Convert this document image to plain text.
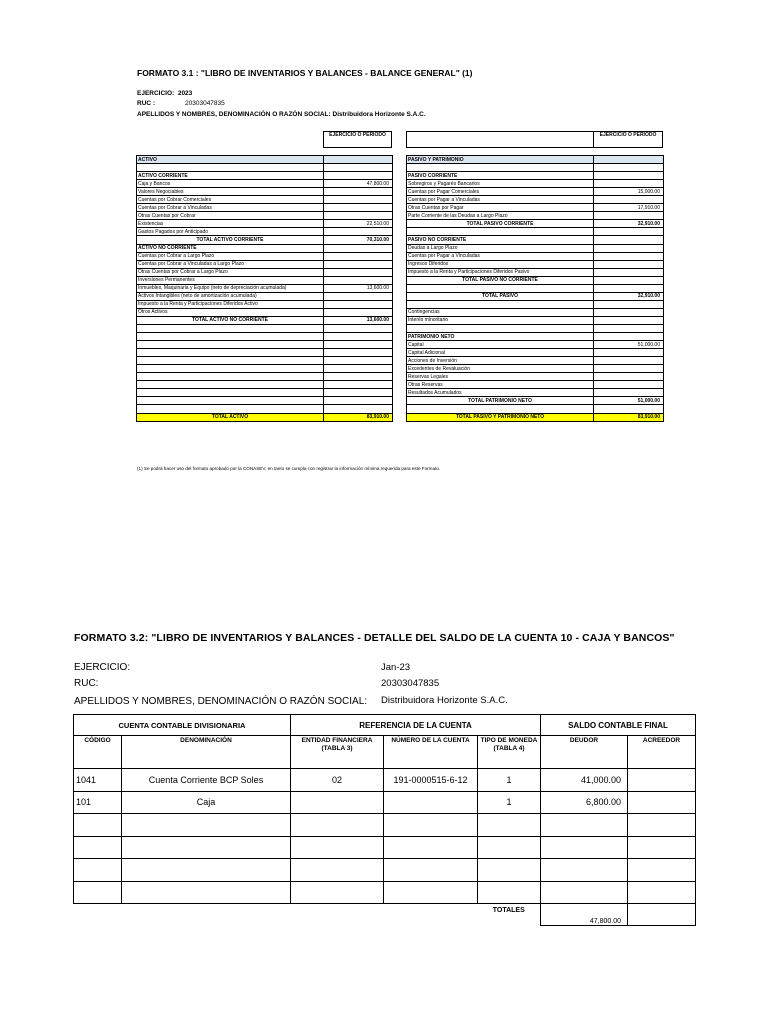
FORMATO 3.1 : "LIBRO DE INVENTARIOS Y BALANCES - BALANCE GENERAL" (1)
EJERCICIO: 2023
RUC :	20303047835
APELLIDOS Y NOMBRES, DENOMINACIÓN O RAZÓN SOCIAL: Distribuidora Horizonte S.A.C.
EJERCICIO O PERIODO	EJERCICIO O PERIODO
ACTIVO	

ACTIVO CORRIENTE	
Caja y Bancos	47,800.00
Valores Negociables	
Cuentas por Cobrar Comerciales	
Cuentas por Cobrar a Vinculadas	
Otras Cuentas por Cobrar	
Existencias	22,510.00
Gastos Pagados por Anticipado	
TOTAL ACTIVO CORRIENTE	70,310.00
ACTIVO NO CORRIENTE	
Cuentas por Cobrar a Largo Plazo	
Cuentas por Cobrar a Vinculadas a Largo Plazo	
Otras Cuentas por Cobrar a Largo Plazo	
Inversiones Permanentes	
Inmuebles, Maquinaria y Equipo (neto de depreciación acumulada)	13,600.00
Activos Intangibles (neto de amortización acumulada)	
Impuesto a la Renta y Participaciones Diferidos Activo	
Otros Activos	
TOTAL ACTIVO NO CORRIENTE	13,600.00

TOTAL ACTIVO	83,910.00
PASIVO Y PATRIMONIO	

PASIVO CORRIENTE	
Sobregiros y Pagarés Bancarios	
Cuentas por Pagar Comerciales	15,000.00
Cuentas por Pagar a Vinculadas	
Otras Cuentas por Pagar	17,910.00
Parte Corriente de las Deudas a Largo Plazo	
TOTAL PASIVO CORRIENTE	32,910.00

PASIVO NO CORRIENTE	
Deudas a Largo Plazo	
Cuentas por Pagar a Vinculadas	
Ingresos Diferidos	
Impuesto a la Renta y Participaciones Diferidos Pasivo	
TOTAL PASIVO NO CORRIENTE	

TOTAL PASIVO	32,910.00

Contingencias	
Interés minoritario	

PATRIMONIO NETO	
Capital	51,000.00
Capital Adicional	
Acciones de Inversión	
Excedentes de Revaluación	
Reservas Legales	
Otras Reservas	
Resultados Acumulados	
TOTAL PATRIMONIO NETO	51,000.00

TOTAL PASIVO Y PATRIMONIO NETO	83,910.00
(1) Se podrá hacer uso del formato aprobado por la CONASEV, en tanto se cumpla con registrar la información mínima requerida para este Formato.
FORMATO 3.2: "LIBRO DE INVENTARIOS Y BALANCES - DETALLE DEL SALDO DE LA CUENTA 10 - CAJA Y BANCOS"
EJERCICIO:	Jan-23
RUC:	20303047835
APELLIDOS Y NOMBRES, DENOMINACIÓN O RAZÓN SOCIAL: Distribuidora Horizonte S.A.C.
CUENTA CONTABLE DIVISIONARIA		REFERENCIA DE LA CUENTA			SALDO CONTABLE FINAL	
CÓDIGO	DENOMINACIÓN	ENTIDAD FINANCIERA (TABLA 3)	NÚMERO DE LA CUENTA	TIPO DE MONEDA (TABLA 4)	DEUDOR	ACREEDOR
1041	Cuenta Corriente BCP Soles	02	191-0000515-6-12	1	41,000.00	
101	Caja			1	6,800.00	

				TOTALES	47,800.00	
